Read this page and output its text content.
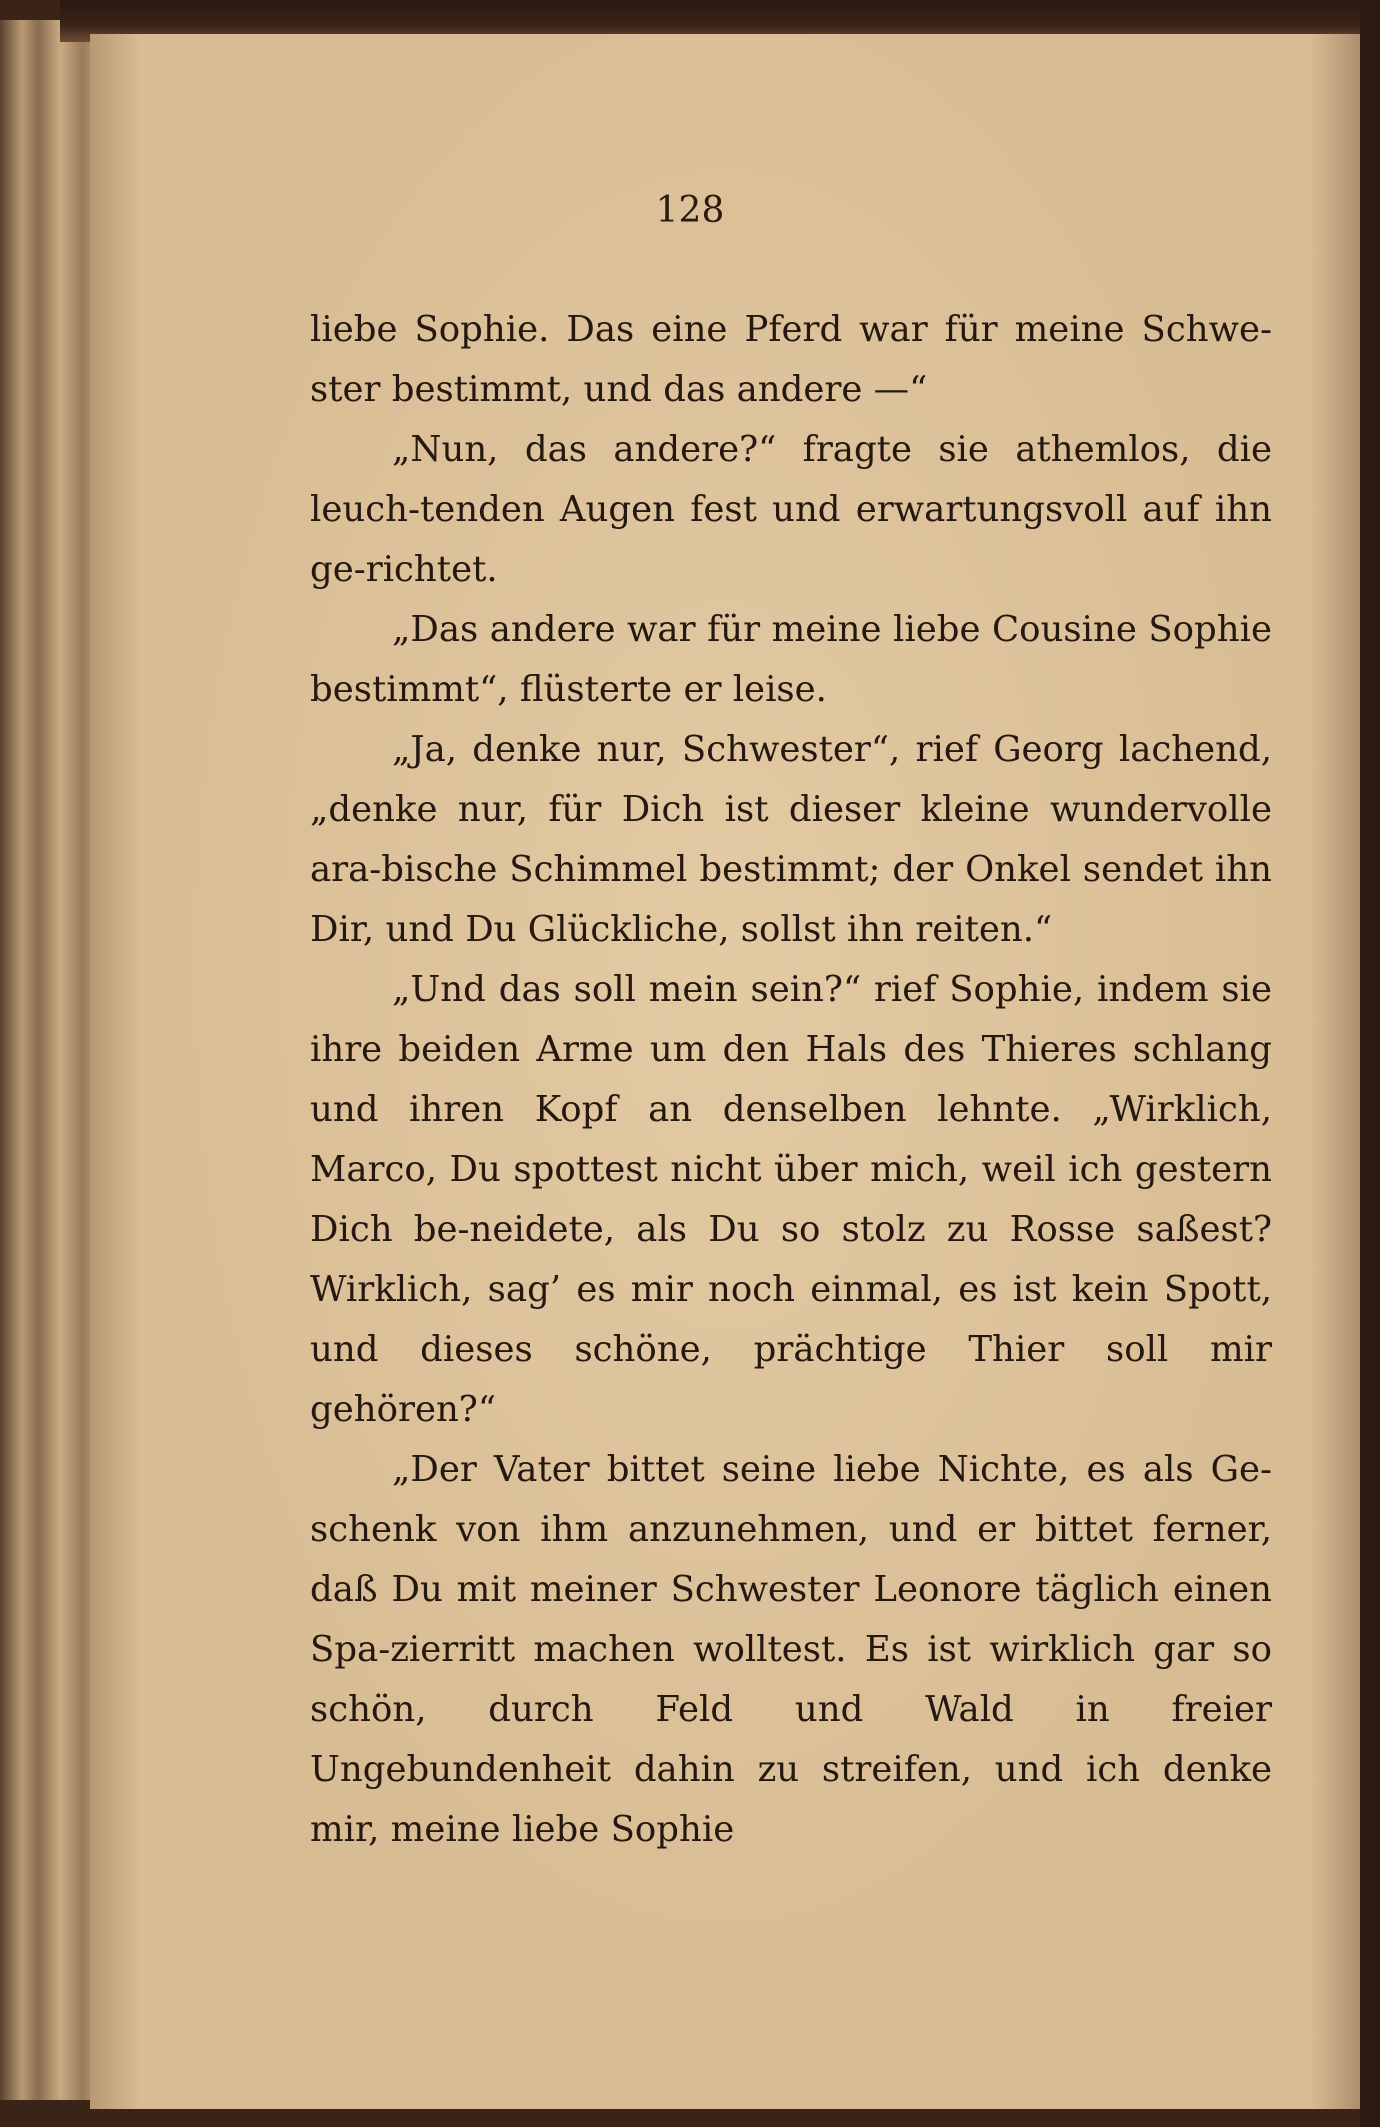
128

liebe Sophie. Das eine Pferd war für meine Schwe-ster bestimmt, und das andere —“

„Nun, das andere?“ fragte sie athemlos, die leuch-tenden Augen fest und erwartungsvoll auf ihn ge-richtet.

„Das andere war für meine liebe Cousine Sophie bestimmt“, flüsterte er leise.

„Ja, denke nur, Schwester“, rief Georg lachend, „denke nur, für Dich ist dieser kleine wundervolle ara-bische Schimmel bestimmt; der Onkel sendet ihn Dir, und Du Glückliche, sollst ihn reiten.“

„Und das soll mein sein?“ rief Sophie, indem sie ihre beiden Arme um den Hals des Thieres schlang und ihren Kopf an denselben lehnte. „Wirklich, Marco, Du spottest nicht über mich, weil ich gestern Dich be-neidete, als Du so stolz zu Rosse saßest? Wirklich, sag’ es mir noch einmal, es ist kein Spott, und dieses schöne, prächtige Thier soll mir gehören?“

„Der Vater bittet seine liebe Nichte, es als Ge-schenk von ihm anzunehmen, und er bittet ferner, daß Du mit meiner Schwester Leonore täglich einen Spa-zierritt machen wolltest. Es ist wirklich gar so schön, durch Feld und Wald in freier Ungebundenheit dahin zu streifen, und ich denke mir, meine liebe Sophie
